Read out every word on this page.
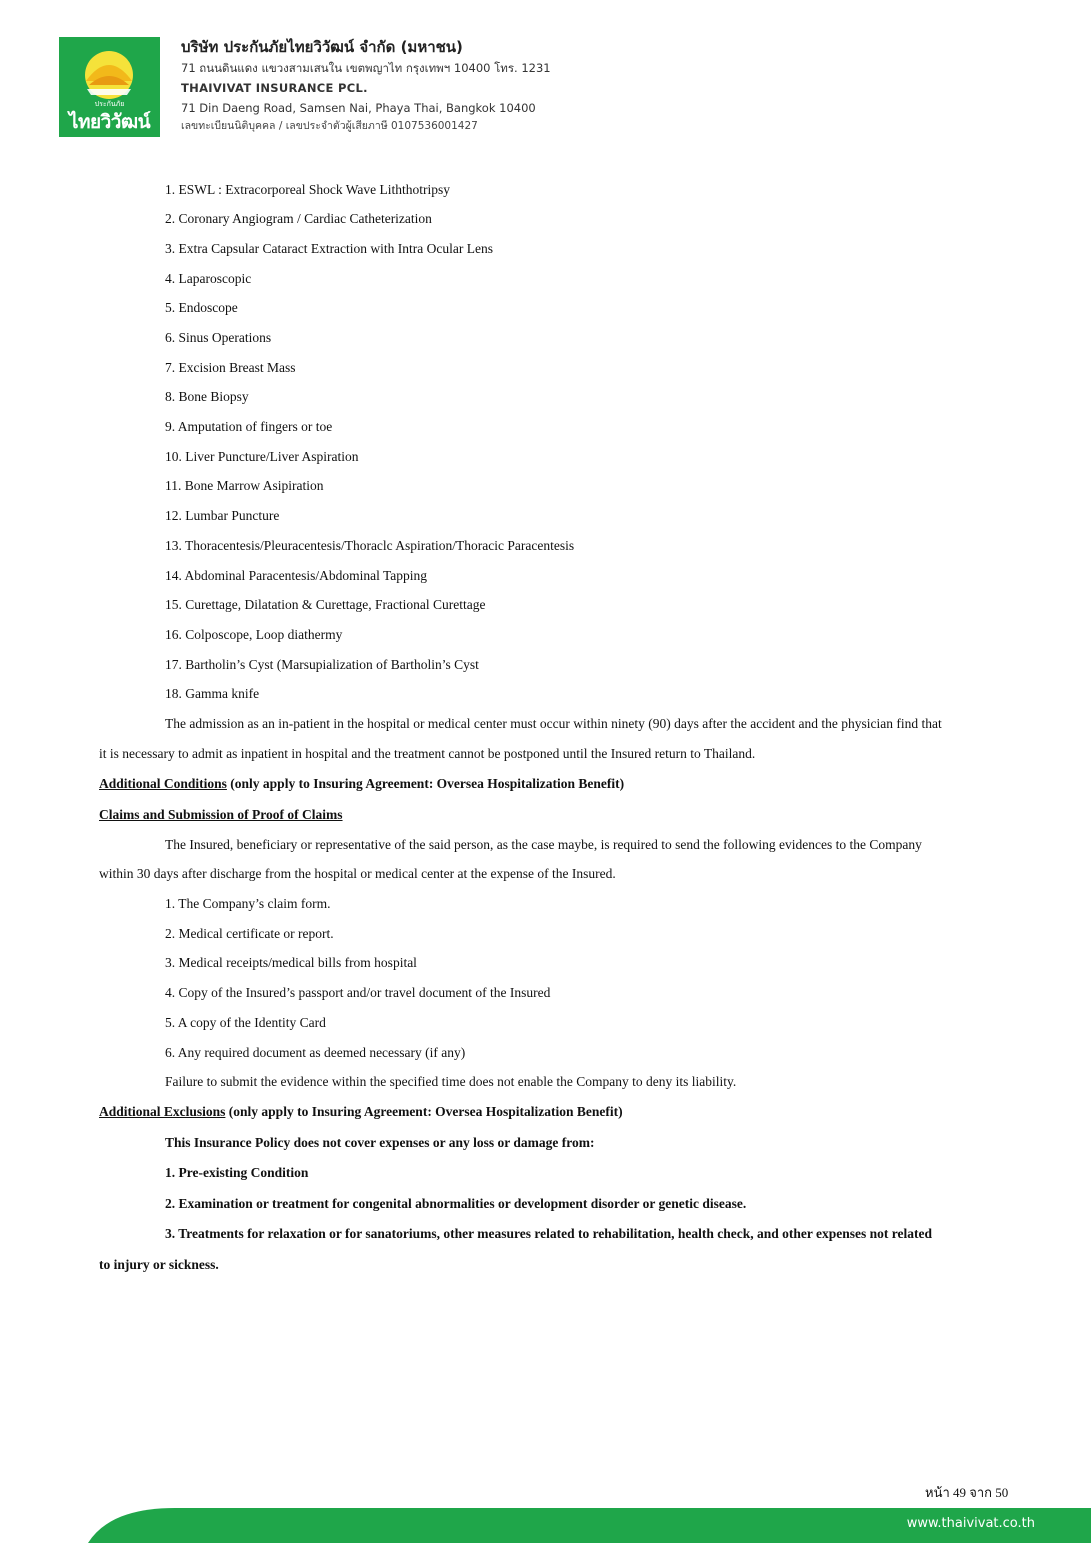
ประกันภัย
ไทยวิวัฒน์
บริษัท ประกันภัยไทยวิวัฒน์ จำกัด (มหาชน)
71 ถนนดินแดง แขวงสามเสนใน เขตพญาไท กรุงเทพฯ 10400 โทร. 1231
THAIVIVAT INSURANCE PCL.
71 Din Daeng Road, Samsen Nai, Phaya Thai, Bangkok 10400
เลขทะเบียนนิติบุคคล / เลขประจำตัวผู้เสียภาษี 0107536001427
1. ESWL : Extracorporeal Shock Wave Liththotripsy
2. Coronary Angiogram / Cardiac Catheterization
3. Extra Capsular Cataract Extraction with Intra Ocular Lens
4. Laparoscopic
5. Endoscope
6. Sinus Operations
7. Excision Breast Mass
8. Bone Biopsy
9. Amputation of fingers or toe
10. Liver Puncture/Liver Aspiration
11. Bone Marrow Asipiration
12. Lumbar Puncture
13. Thoracentesis/Pleuracentesis/Thoraclc Aspiration/Thoracic Paracentesis
14. Abdominal Paracentesis/Abdominal Tapping
15. Curettage, Dilatation & Curettage, Fractional Curettage
16. Colposcope, Loop diathermy
17. Bartholin’s Cyst (Marsupialization of Bartholin’s Cyst
18. Gamma knife
The admission as an in-patient in the hospital or medical center must occur within ninety (90) days after the accident and the physician find that
it is necessary to admit as inpatient in hospital and the treatment cannot be postponed until the Insured return to Thailand.
Additional Conditions (only apply to Insuring Agreement: Oversea Hospitalization Benefit)
Claims and Submission of Proof of Claims
The Insured, beneficiary or representative of the said person, as the case maybe, is required to send the following evidences to the Company
within 30 days after discharge from the hospital or medical center at the expense of the Insured.
1. The Company’s claim form.
2. Medical certificate or report.
3. Medical receipts/medical bills from hospital
4. Copy of the Insured’s passport and/or travel document of the Insured
5. A copy of the Identity Card
6. Any required document as deemed necessary (if any)
Failure to submit the evidence within the specified time does not enable the Company to deny its liability.
Additional Exclusions (only apply to Insuring Agreement: Oversea Hospitalization Benefit)
This Insurance Policy does not cover expenses or any loss or damage from:
1. Pre-existing Condition
2. Examination or treatment for congenital abnormalities or development disorder or genetic disease.
3. Treatments for relaxation or for sanatoriums, other measures related to rehabilitation, health check, and other expenses not related
to injury or sickness.
หน้า 49 จาก 50
www.thaivivat.co.th
